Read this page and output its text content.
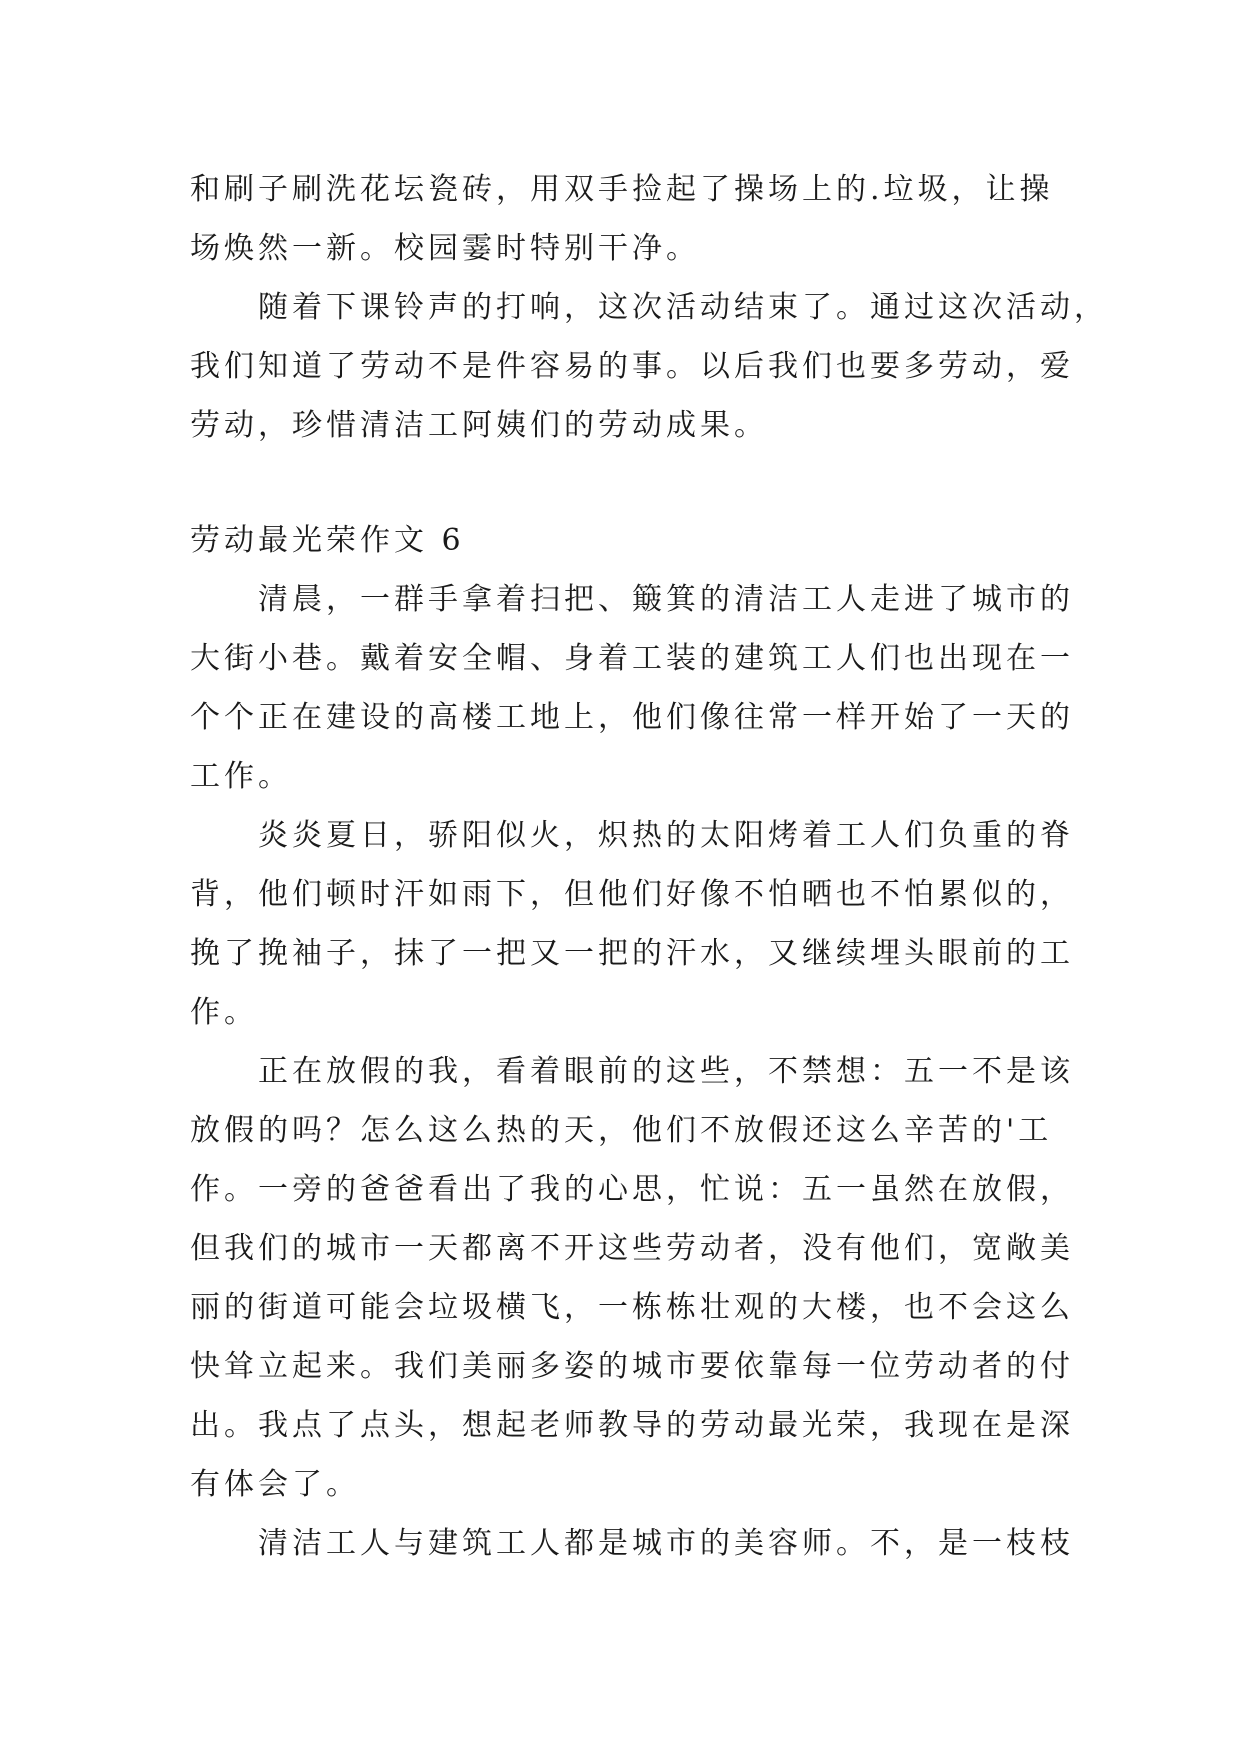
和刷子刷洗花坛瓷砖，用双手捡起了操场上的.垃圾，让操
场焕然一新。校园霎时特别干净。

随着下课铃声的打响，这次活动结束了。通过这次活动，
我们知道了劳动不是件容易的事。以后我们也要多劳动，爱
劳动，珍惜清洁工阿姨们的劳动成果。

劳动最光荣作文 6

清晨，一群手拿着扫把、簸箕的清洁工人走进了城市的
大街小巷。戴着安全帽、身着工装的建筑工人们也出现在一
个个正在建设的高楼工地上，他们像往常一样开始了一天的
工作。

炎炎夏日，骄阳似火，炽热的太阳烤着工人们负重的脊
背，他们顿时汗如雨下，但他们好像不怕晒也不怕累似的，
挽了挽袖子，抹了一把又一把的汗水，又继续埋头眼前的工
作。

正在放假的我，看着眼前的这些，不禁想：五一不是该
放假的吗？怎么这么热的天，他们不放假还这么辛苦的'工
作。一旁的爸爸看出了我的心思，忙说：五一虽然在放假，
但我们的城市一天都离不开这些劳动者，没有他们，宽敞美
丽的街道可能会垃圾横飞，一栋栋壮观的大楼，也不会这么
快耸立起来。我们美丽多姿的城市要依靠每一位劳动者的付
出。我点了点头，想起老师教导的劳动最光荣，我现在是深
有体会了。

清洁工人与建筑工人都是城市的美容师。不，是一枝枝
